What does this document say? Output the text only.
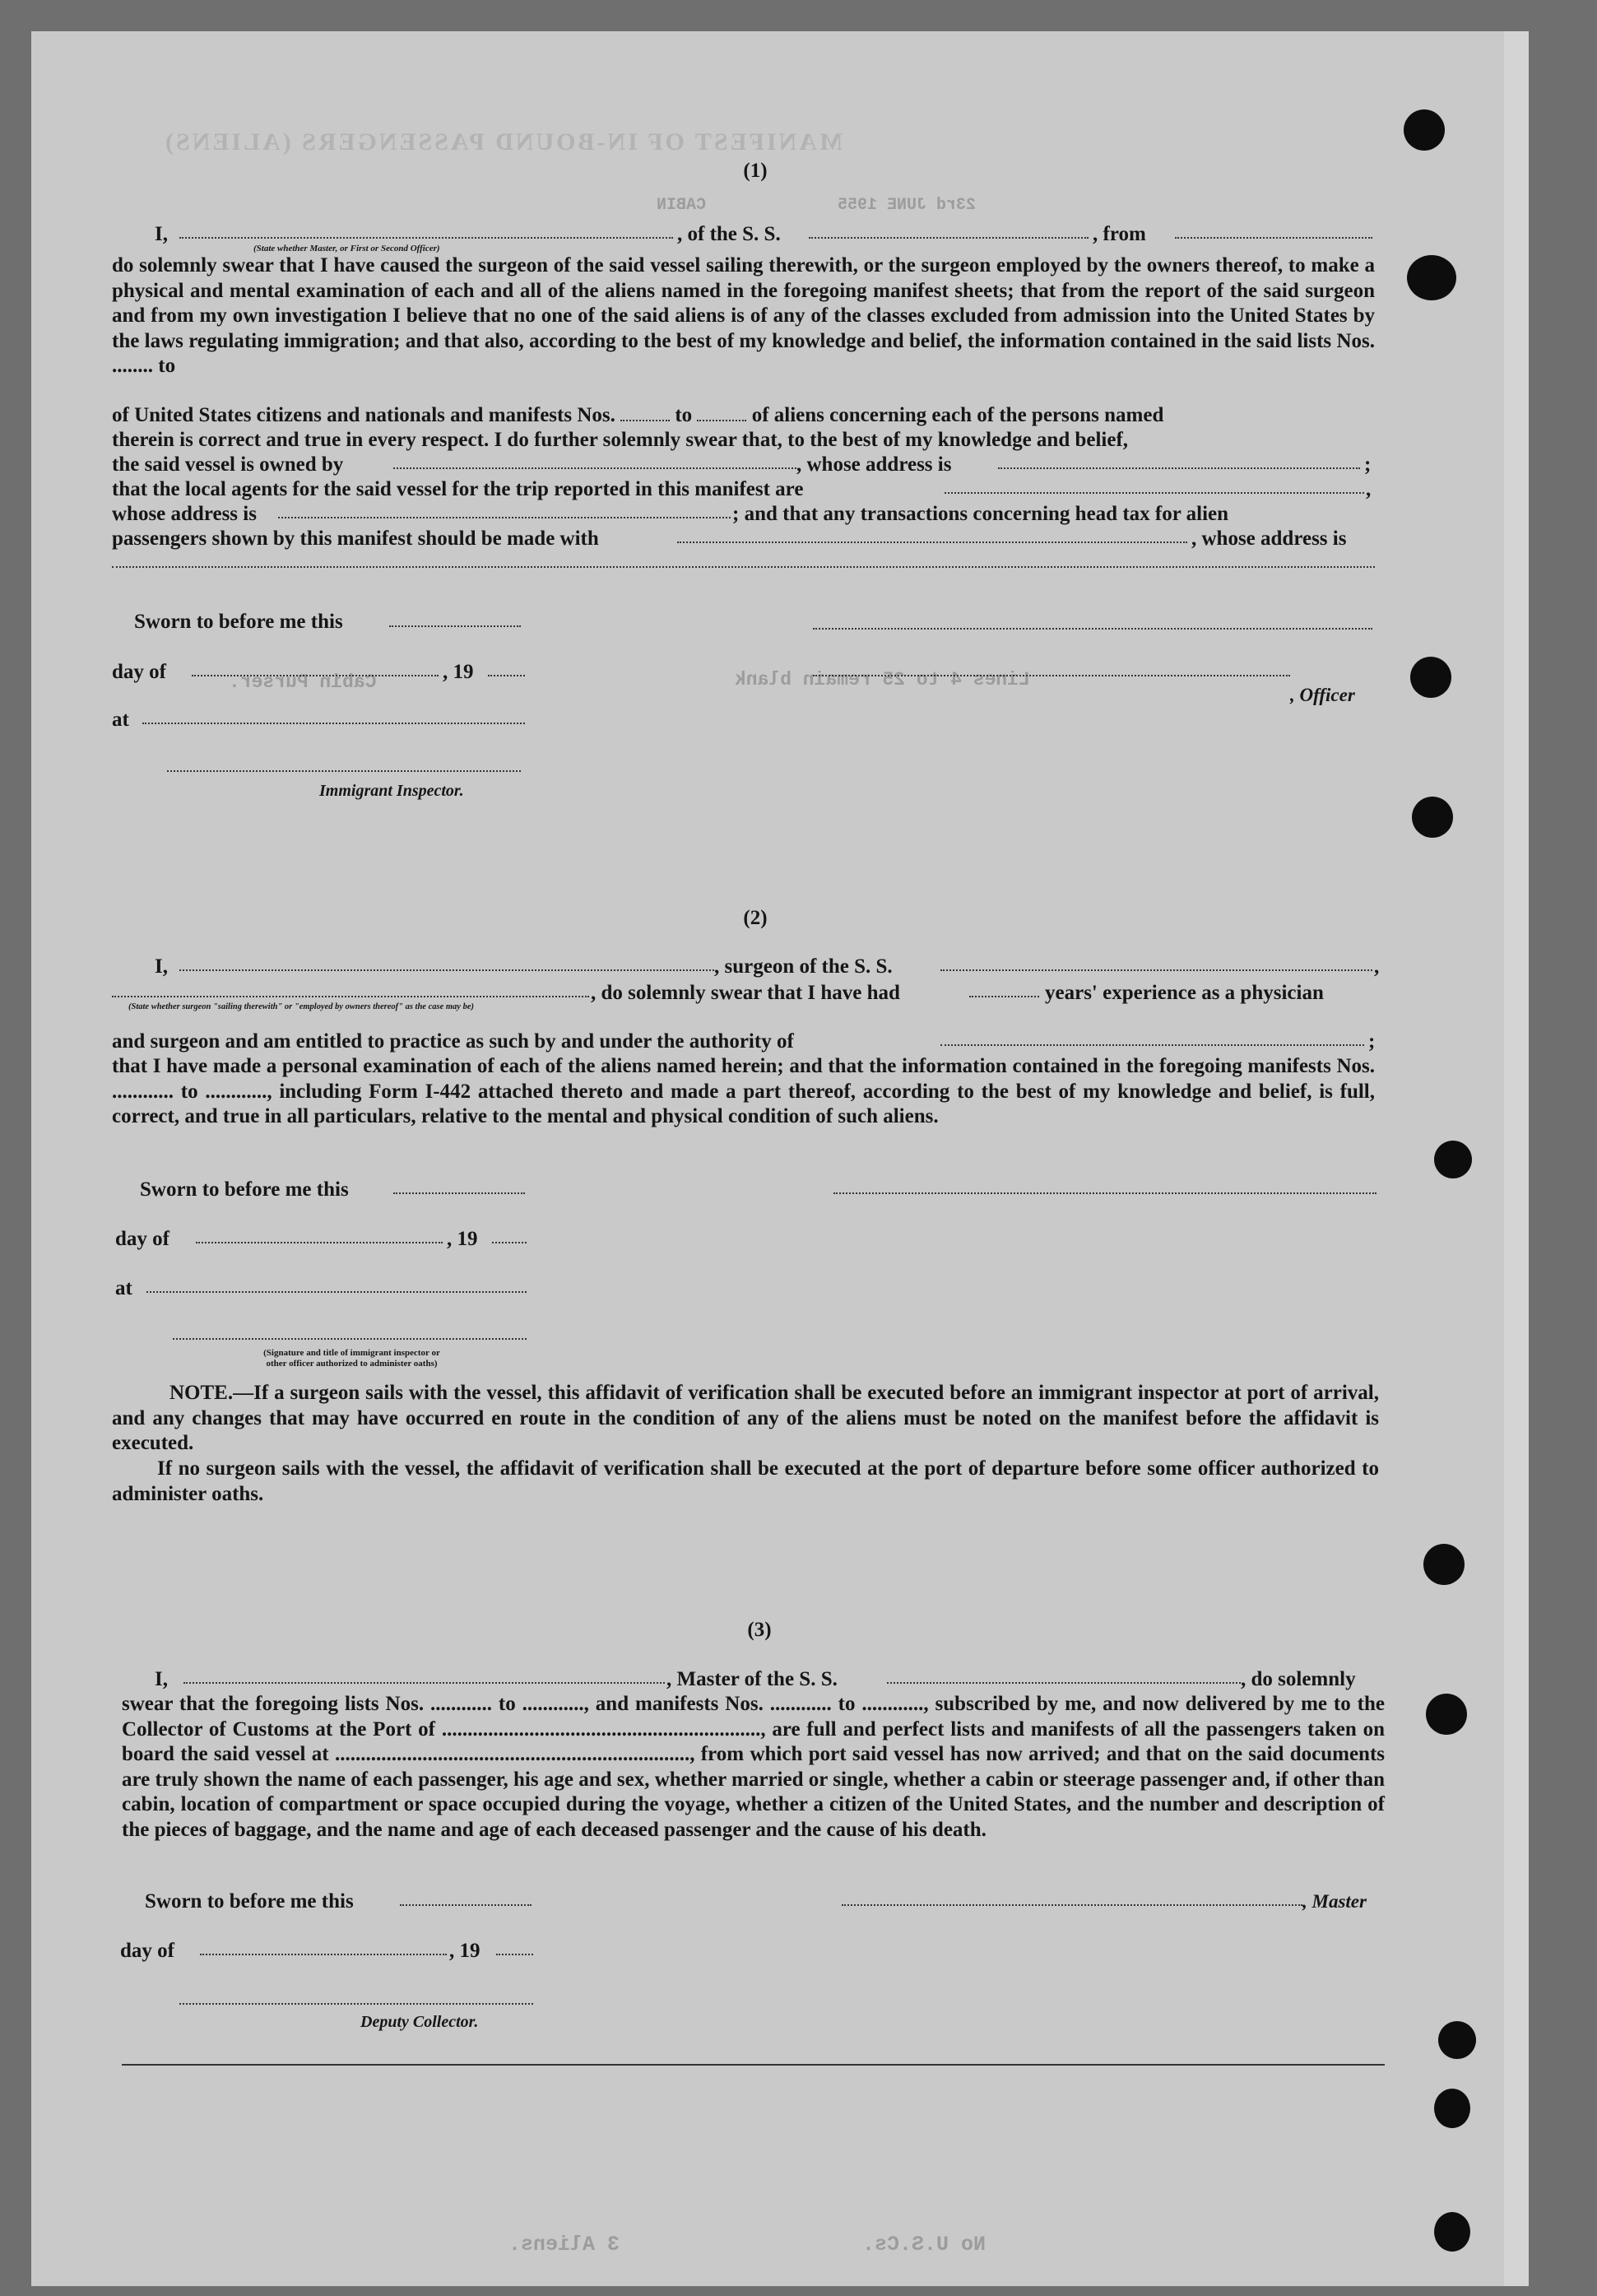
MANIFEST OF IN-BOUND PASSENGERS (ALIENS)
CABIN	23rd JUNE 1955
Lines 4 to 25 remain blank
Cabin Purser.
No U.S.Cs.
3 Aliens.
(1)
I,
(State whether Master, or First or Second Officer)
, of the S. S.	, from
do solemnly swear that I have caused the surgeon of the said vessel sailing therewith, or the surgeon employed by the owners thereof, to make a physical and mental examination of each and all of the aliens named in the foregoing manifest sheets; that from the report of the said surgeon and from my own investigation I believe that no one of the said aliens is of any of the classes excluded from admission into the United States by the laws regulating immigration; and that also, according to the best of my knowledge and belief, the information contained in the said lists Nos. ........ to
of United States citizens and nationals and manifests Nos.	to	of aliens concerning each of the persons named
therein is correct and true in every respect. I do further solemnly swear that, to the best of my knowledge and belief,
the said vessel is owned by	, whose address is	;
that the local agents for the said vessel for the trip reported in this manifest are	,
whose address is	; and that any transactions concerning head tax for alien
passengers shown by this manifest should be made with	, whose address is
Sworn to before me this
day of	, 19
, Officer
at
Immigrant Inspector.
(2)
I,	, surgeon of the S. S.	,
(State whether surgeon "sailing therewith" or "employed by owners thereof" as the case may be)
, do solemnly swear that I have had	years' experience as a physician
and surgeon and am entitled to practice as such by and under the authority of	;
that I have made a personal examination of each of the aliens named herein; and that the information contained in the foregoing manifests Nos. ............ to ............, including Form I-442 attached thereto and made a part thereof, according to the best of my knowledge and belief, is full, correct, and true in all particulars, relative to the mental and physical condition of such aliens.
Sworn to before me this
day of	, 19
at
(Signature and title of immigrant inspector or
other officer authorized to administer oaths)
NOTE.—If a surgeon sails with the vessel, this affidavit of verification shall be executed before an immigrant inspector at port of arrival, and any changes that may have occurred en route in the condition of any of the aliens must be noted on the manifest before the affidavit is executed.
If no surgeon sails with the vessel, the affidavit of verification shall be executed at the port of departure before some officer authorized to administer oaths.
(3)
I,	, Master of the S. S.	, do solemnly
swear that the foregoing lists Nos. ............ to ............, and manifests Nos. ............ to ............, subscribed by me, and now delivered by me to the Collector of Customs at the Port of .............................................................., are full and perfect lists and manifests of all the passengers taken on board the said vessel at ....................................................................., from which port said vessel has now arrived; and that on the said documents are truly shown the name of each passenger, his age and sex, whether married or single, whether a cabin or steerage passenger and, if other than cabin, location of compartment or space occupied during the voyage, whether a citizen of the United States, and the number and description of the pieces of baggage, and the name and age of each deceased passenger and the cause of his death.
Sworn to before me this	, Master
day of	, 19
Deputy Collector.
